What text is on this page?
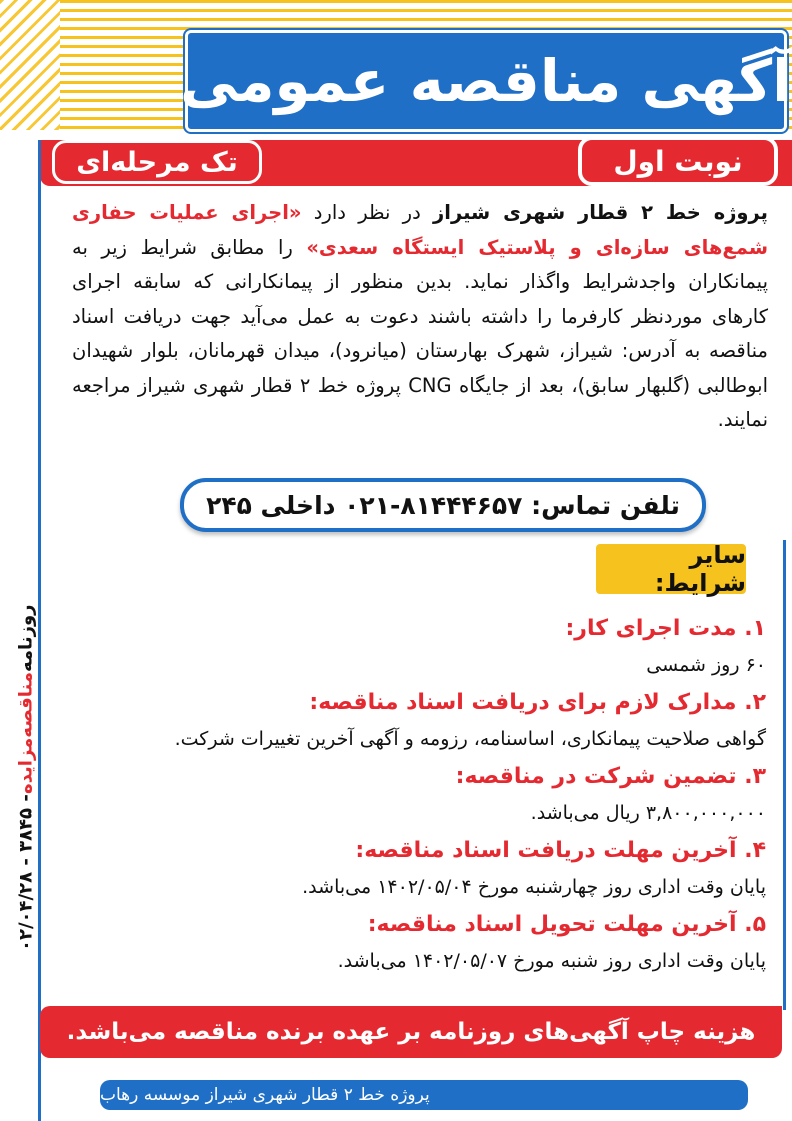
آگهی مناقصه عمومی
نوبت اول
تک مرحله‌ای
پروژه خط ۲ قطار شهری شیراز در نظر دارد «اجرای عملیات حفاری شمع‌های سازه‌ای و پلاستیک ایستگاه سعدی» را مطابق شرایط زیر به پیمانکاران واجدشرایط واگذار نماید. بدین منظور از پیمانکارانی که سابقه اجرای کارهای مورد‌نظر کارفرما را داشته باشند دعوت به عمل می‌آید جهت دریافت اسناد مناقصه به آدرس: شیراز، شهرک بهارستان (میانرود)، میدان قهرمانان، بلوار شهیدان ابوطالبی (گلبهار سابق)، بعد از جایگاه CNG پروژه خط ۲ قطار شهری شیراز مراجعه نمایند.
تلفن تماس: ۸۱۴۴۴۶۵۷-۰۲۱ داخلی ۲۴۵
سایر شرایط:
۱. مدت اجرای کار:
۶۰ روز شمسی
۲. مدارک لازم برای دریافت اسناد مناقصه:
گواهی صلاحیت پیمانکاری، اساسنامه، رزومه و آگهی آخرین تغییرات شرکت.
۳. تضمین شرکت در مناقصه:
۳,۸۰۰,۰۰۰,۰۰۰ ریال می‌باشد.
۴. آخرین مهلت دریافت اسناد مناقصه:
پایان وقت اداری روز چهارشنبه مورخ ۱۴۰۲/۰۵/۰۴ می‌باشد.
۵. آخرین مهلت تحویل اسناد مناقصه:
پایان وقت اداری روز شنبه مورخ ۱۴۰۲/۰۵/۰۷ می‌باشد.
روزنامه
مناقصه‌مزایده
- ۳۸۴۵ - ۰۲/۰۴/۲۸
هزینه چاپ آگهی‌های روزنامه بر عهده برنده مناقصه می‌باشد.
پروژه خط ۲ قطار شهری شیراز موسسه رهاب
